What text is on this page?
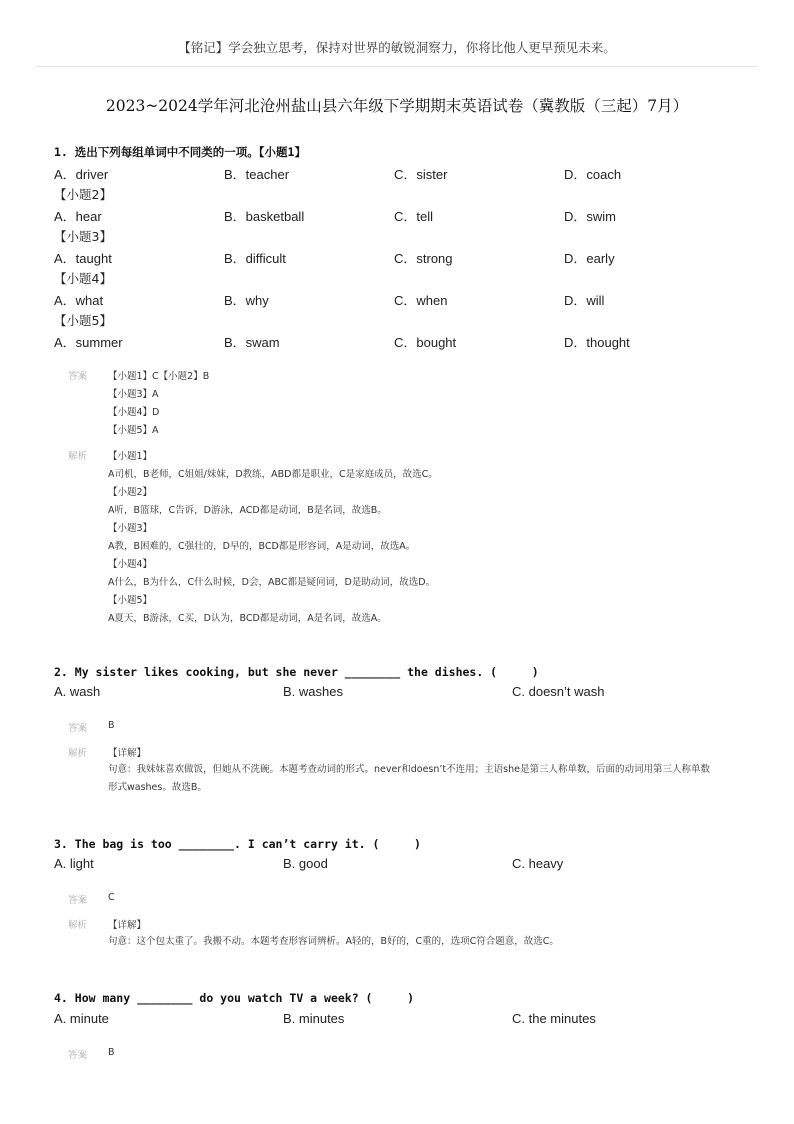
【铭记】学会独立思考，保持对世界的敏锐洞察力，你将比他人更早预见未来。
2023~2024学年河北沧州盐山县六年级下学期期末英语试卷（冀教版（三起）7月）
1. 选出下列每组单词中不同类的一项。【小题1】
A．driver	B．teacher	C．sister	D．coach
【小题2】
A．hear	B．basketball	C．tell	D．swim
【小题3】
A．taught	B．difficult	C．strong	D．early
【小题4】
A．what	B．why	C．when	D．will
【小题5】
A．summer	B．swam	C．bought	D．thought
答案 【小题1】C【小题2】B
【小题3】A
【小题4】D
【小题5】A
解析 【小题1】
A司机，B老师，C姐姐/妹妹，D教练，ABD都是职业，C是家庭成员，故选C。
【小题2】
A听，B篮球，C告诉，D游泳，ACD都是动词，B是名词，故选B。
【小题3】
A教，B困难的，C强壮的，D早的，BCD都是形容词，A是动词，故选A。
【小题4】
A什么，B为什么，C什么时候，D会，ABC都是疑问词，D是助动词，故选D。
【小题5】
A夏天，B游泳，C买，D认为，BCD都是动词，A是名词，故选A。
2. My sister likes cooking, but she never ________ the dishes. (     )
A. wash	B. washes	C. doesn’t wash
答案 B
解析 【详解】
句意：我妹妹喜欢做饭，但她从不洗碗。本题考查动词的形式。never和doesn’t不连用；主语she是第三人称单数，后面的动词用第三人称单数形式washes。故选B。
3. The bag is too ________. I can’t carry it. (     )
A. light	B. good	C. heavy
答案 C
解析 【详解】
句意：这个包太重了。我搬不动。本题考查形容词辨析。A轻的，B好的，C重的，选项C符合题意，故选C。
4. How many ________ do you watch TV a week? (     )
A. minute	B. minutes	C. the minutes
答案 B
